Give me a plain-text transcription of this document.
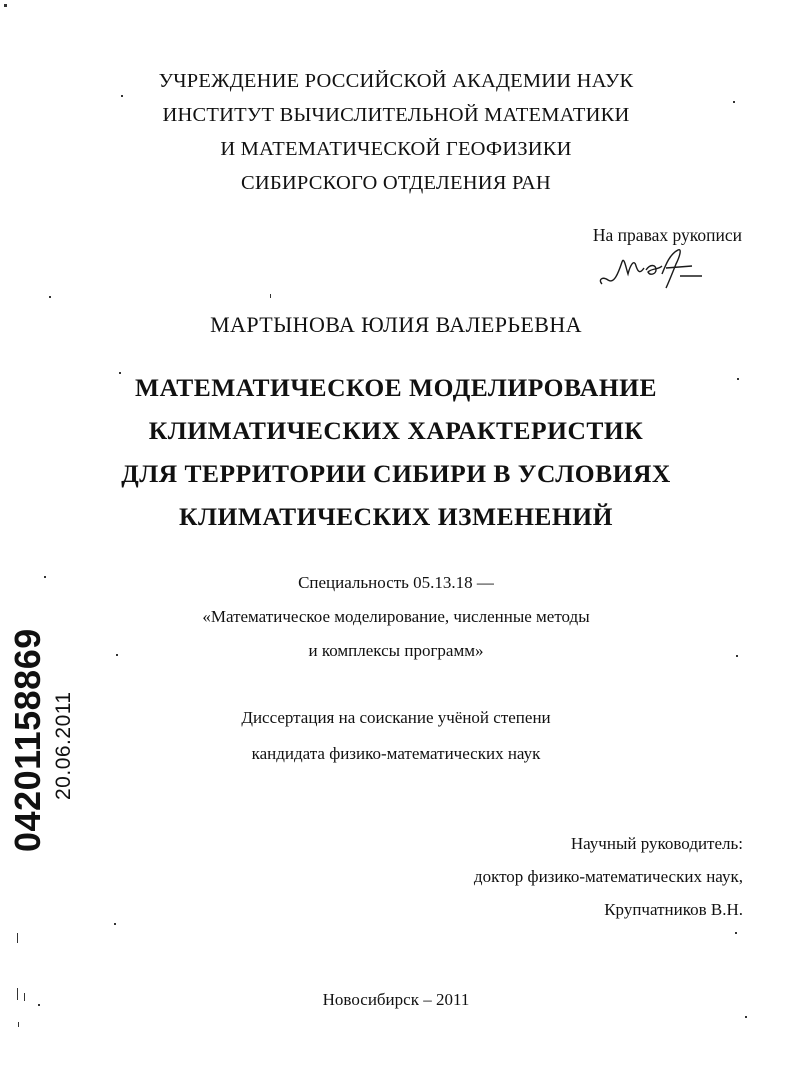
УЧРЕЖДЕНИЕ РОССИЙСКОЙ АКАДЕМИИ НАУК
ИНСТИТУТ ВЫЧИСЛИТЕЛЬНОЙ МАТЕМАТИКИ
И МАТЕМАТИЧЕСКОЙ ГЕОФИЗИКИ
СИБИРСКОГО ОТДЕЛЕНИЯ РАН
На правах рукописи
МАРТЫНОВА ЮЛИЯ ВАЛЕРЬЕВНА
МАТЕМАТИЧЕСКОЕ МОДЕЛИРОВАНИЕ
КЛИМАТИЧЕСКИХ ХАРАКТЕРИСТИК
ДЛЯ ТЕРРИТОРИИ СИБИРИ В УСЛОВИЯХ
КЛИМАТИЧЕСКИХ ИЗМЕНЕНИЙ
Специальность 05.13.18 —
«Математическое моделирование, численные методы
и комплексы программ»
Диссертация на соискание учёной степени
кандидата физико-математических наук
Научный руководитель:
доктор физико-математических наук,
Крупчатников В.Н.
Новосибирск – 2011
04201158869 20.06.2011
